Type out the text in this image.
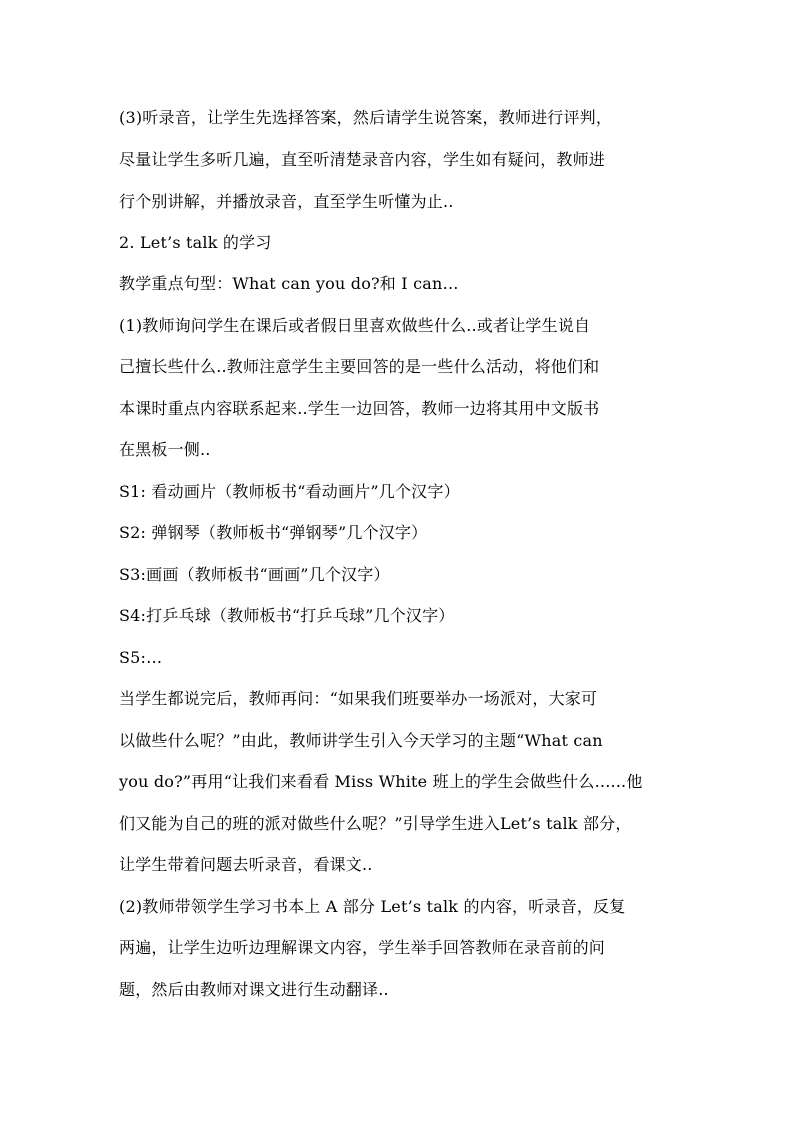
(3)听录音，让学生先选择答案，然后请学生说答案，教师进行评判，
尽量让学生多听几遍，直至听清楚录音内容，学生如有疑问，教师进
行个别讲解，并播放录音，直至学生听懂为止..
2. Let’s talk 的学习
教学重点句型：What can you do?和 I can…
(1)教师询问学生在课后或者假日里喜欢做些什么..或者让学生说自
己擅长些什么..教师注意学生主要回答的是一些什么活动，将他们和
本课时重点内容联系起来..学生一边回答，教师一边将其用中文版书
在黑板一侧..
S1: 看动画片（教师板书“看动画片”几个汉字）
S2: 弹钢琴（教师板书“弹钢琴”几个汉字）
S3:画画（教师板书“画画”几个汉字）
S4:打乒乓球（教师板书“打乒乓球”几个汉字）
S5:…
当学生都说完后，教师再问：“如果我们班要举办一场派对，大家可
以做些什么呢？”由此，教师讲学生引入今天学习的主题“What can
you do?”再用“让我们来看看 Miss White 班上的学生会做些什么......他
们又能为自己的班的派对做些什么呢？”引导学生进入Let’s talk 部分，
让学生带着问题去听录音，看课文..
(2)教师带领学生学习书本上 A 部分 Let’s talk 的内容，听录音，反复
两遍，让学生边听边理解课文内容，学生举手回答教师在录音前的问
题，然后由教师对课文进行生动翻译..
